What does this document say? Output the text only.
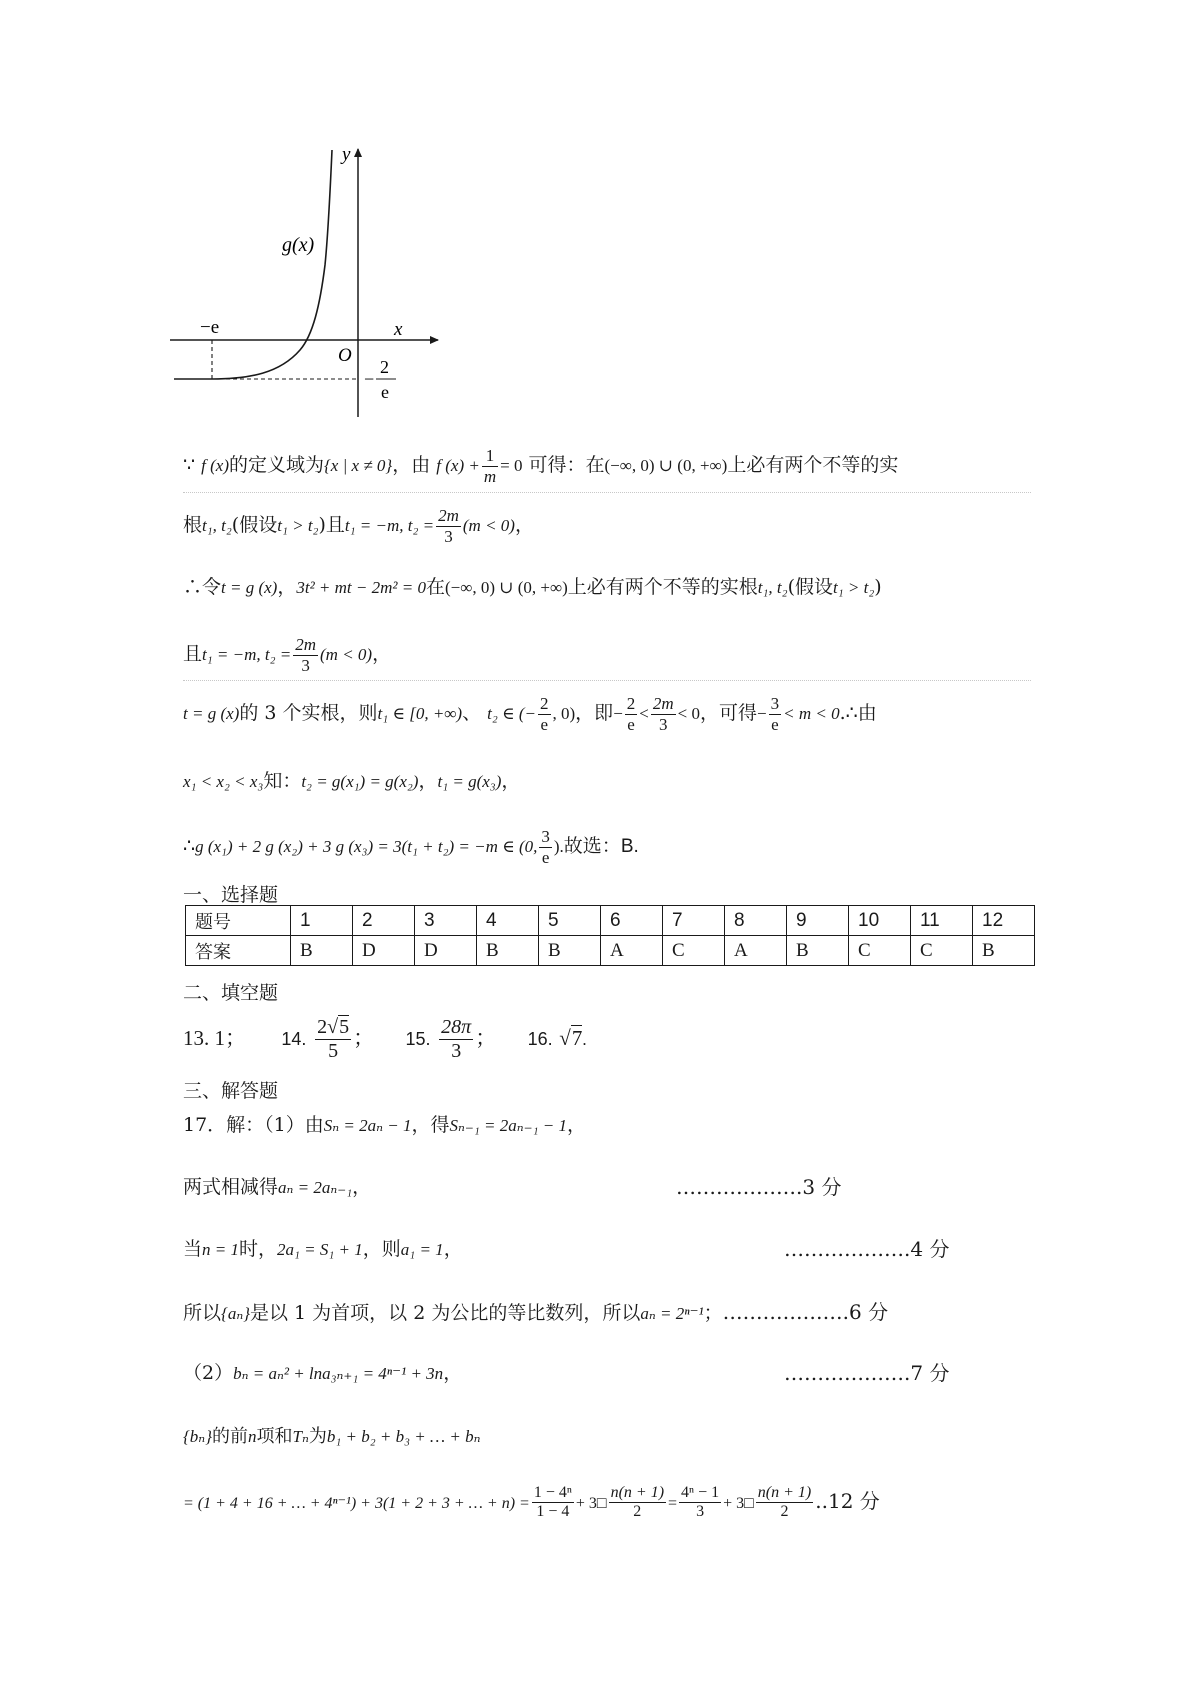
y
x
O
g(x)
−e
−
2
e
∵ f (x)的定义域为{x | x ≠ 0}，由 f $(x) + \frac{1}{m} = 0$ 可得：在(−∞, 0) ∪ (0, +∞)上必有两个不等的实
根t₁, t₂(假设t₁ > t₂)且t₁ = −m, $t_2 = \frac{2m}{3} (m < 0)$，
∴令t = g (x)，3t² + mt − 2m² = 0在(−∞, 0) ∪ (0, +∞)上必有两个不等的实根t₁, t₂(假设t₁ > t₂)
且t₁ = −m, $t_2 = \frac{2m}{3} (m < 0)$，
t = g (x)的 3 个实根，则t₁ ∈ [0, +∞)、 t₂ ∈ (− $\frac{2}{e}$ , 0)，即− $\frac{2}{e} < \frac{2m}{3} < 0$，可得− $\frac{3}{e} < m$ < 0.∴由
x₁ < x₂ < x₃知：t₂ = g(x₁) = g(x₂)，t₁ = g(x₃)，
∴g (x₁) + 2 g (x₂) + 3 g (x₃) = 3(t₁ + t₂) = −m ∈ (0, $\frac{3}{e}$ ).故选：B.
一、选择题
题号	1	2	3	4	5	6	7	8	9	10	11	12
答案	B	D	D	B	B	A	C	A	B	C	C	B
二、填空题
13. 1； 14. $\frac{2√5}{5}$ ； 15. $\frac{28\pi}{3}$ ； 16. √7.
三、解答题
17．解：（1）由Sₙ = 2aₙ − 1，得Sₙ₋₁ = 2aₙ₋₁ − 1，
两式相减得aₙ = 2aₙ₋₁，	……………….3 分
当n = 1时，2a₁ = S₁ + 1，则a₁ = 1，	……………….4 分
所以{aₙ}是以 1 为首项，以 2 为公比的等比数列，所以aₙ = 2ⁿ⁻¹；……………….6 分
（2）bₙ = aₙ² + lna₃ₙ₊₁ = 4ⁿ⁻¹ + 3n，	……………….7 分
{bₙ}的前n项和Tₙ为b₁ + b₂ + b₃ + … + bₙ
= (1 + 4 + 16 + … + 4ⁿ⁻¹) + 3(1 + 2 + 3 + … + $n) = \frac{\text{1 − 4ⁿ}}{1 - 4}$ + 3□ $\frac{n(n + 1)}{2} = \frac{\text{4ⁿ − 1}}{3}$ + 3□ $\frac{n(n + 1)}{2} ..12$ 分
